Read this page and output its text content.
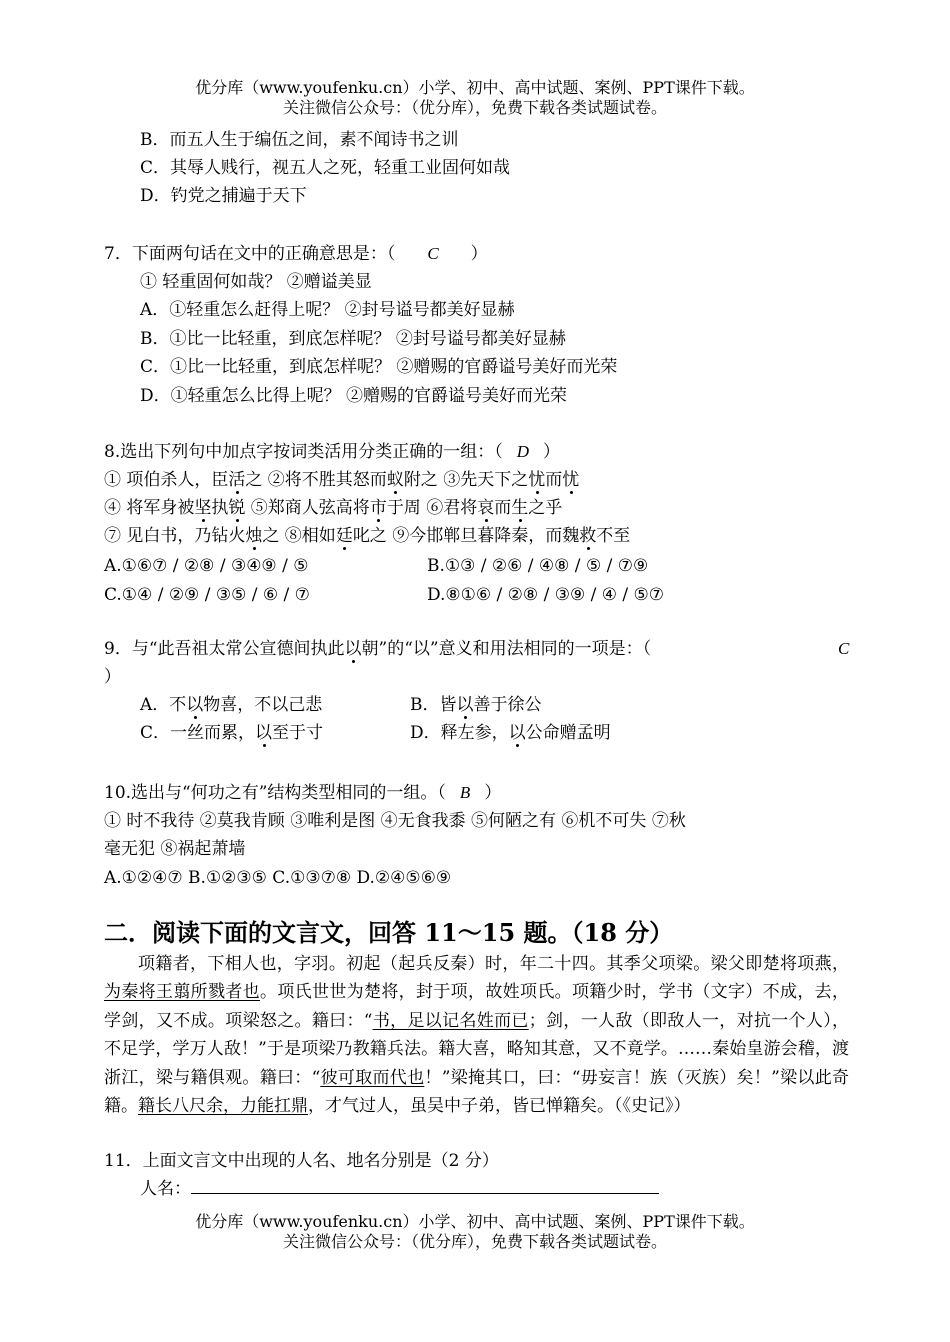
优分库（www.youfenku.cn）小学、初中、高中试题、案例、PPT课件下载。
关注微信公众号：（优分库），免费下载各类试题试卷。
B．而五人生于编伍之间，素不闻诗书之训
C．其辱人贱行，视五人之死，轻重工业固何如哉
D．钓党之捕遍于天下
7．下面两句话在文中的正确意思是：（ C ）
① 轻重固何如哉？ ②赠谥美显
A．①轻重怎么赶得上呢？ ②封号谥号都美好显赫
B．①比一比轻重，到底怎样呢？ ②封号谥号都美好显赫
C．①比一比轻重，到底怎样呢？ ②赠赐的官爵谥号美好而光荣
D．①轻重怎么比得上呢？ ②赠赐的官爵谥号美好而光荣
8.选出下列句中加点字按词类活用分类正确的一组：（ D ）
① 项伯杀人，臣活之 ②将不胜其怒而蚁附之 ③先天下之忧而忧
④ 将军身被坚执锐 ⑤郑商人弦高将市于周 ⑥君将哀而生之乎
⑦ 见白书，乃钻火烛之 ⑧相如廷叱之 ⑨今邯郸旦暮降秦，而魏救不至
A.①⑥⑦ / ②⑧ / ③④⑨ / ⑤	B.①③ / ②⑥ / ④⑧ / ⑤ / ⑦⑨
C.①④ / ②⑨ / ③⑤ / ⑥ / ⑦	D.⑧①⑥ / ②⑧ / ③⑨ / ④ / ⑤⑦
9．与“此吾祖太常公宣德间执此以朝”的“以”意义和用法相同的一项是：（	C
）
A．不以物喜，不以己悲	B．皆以善于徐公
C．一丝而累，以至于寸	D．释左参，以公命赠孟明
10.选出与“何功之有”结构类型相同的一组。（ B ）
① 时不我待 ②莫我肯顾 ③唯利是图 ④无食我黍 ⑤何陋之有 ⑥机不可失 ⑦秋
毫无犯 ⑧祸起萧墙
A.①②④⑦ B.①②③⑤ C.①③⑦⑧ D.②④⑤⑥⑨
二．阅读下面的文言文，回答 11～15 题。（18 分）
项籍者，下相人也，字羽。初起（起兵反秦）时，年二十四。其季父项梁。梁父即楚将项燕，为秦将王翦所戮者也。项氏世世为楚将，封于项，故姓项氏。项籍少时，学书（文字）不成，去，学剑，又不成。项梁怒之。籍曰：“书，足以记名姓而已；剑，一人敌（即敌人一，对抗一个人），不足学，学万人敌！”于是项梁乃教籍兵法。籍大喜，略知其意，又不竟学。……秦始皇游会稽，渡浙江，梁与籍俱观。籍曰：“彼可取而代也！”梁掩其口，曰：“毋妄言！族（灭族）矣！”梁以此奇籍。籍长八尺余，力能扛鼎，才气过人，虽吴中子弟，皆已惮籍矣。（《史记》）
11．上面文言文中出现的人名、地名分别是（2 分）
人名：
优分库（www.youfenku.cn）小学、初中、高中试题、案例、PPT课件下载。
关注微信公众号：（优分库），免费下载各类试题试卷。
